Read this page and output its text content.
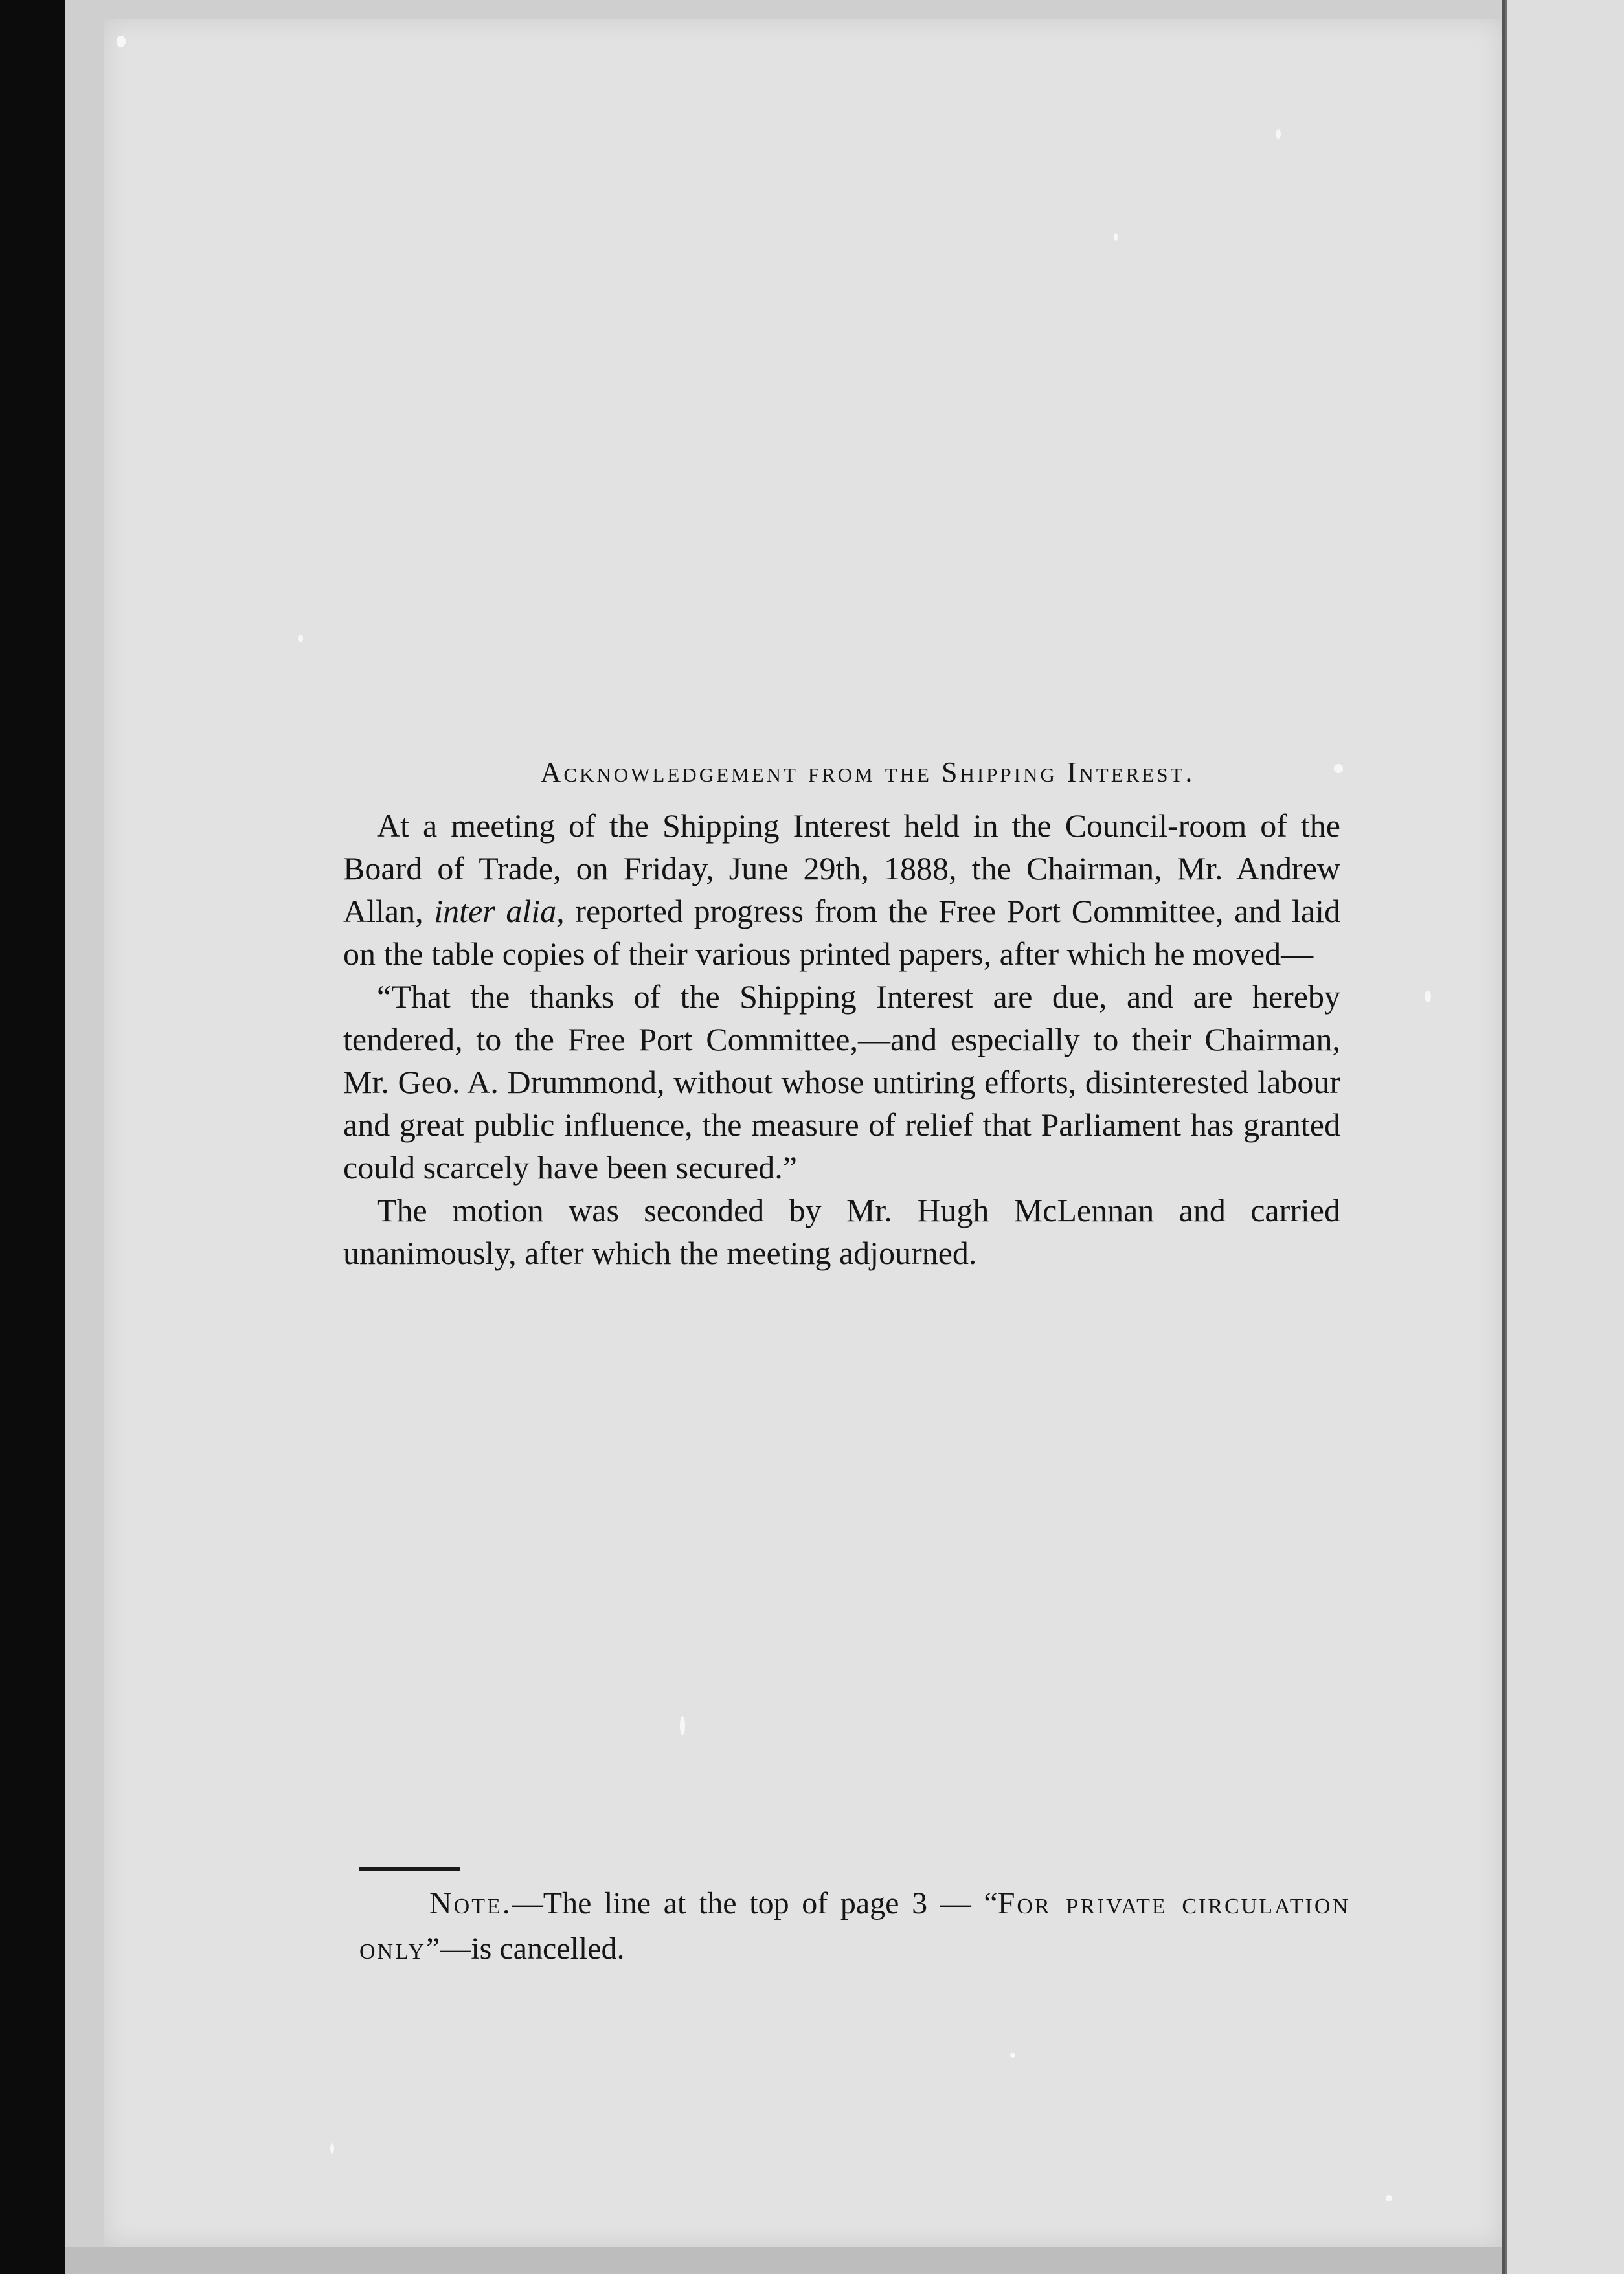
Acknowledgement from the Shipping Interest.

At a meeting of the Shipping Interest held in the Council-room of the Board of Trade, on Friday, June 29th, 1888, the Chairman, Mr. Andrew Allan, inter alia, reported progress from the Free Port Committee, and laid on the table copies of their various printed papers, after which he moved—

“That the thanks of the Shipping Interest are due, and are hereby tendered, to the Free Port Committee,—and especially to their Chairman, Mr. Geo. A. Drummond, without whose untiring efforts, disinterested labour and great public influence, the measure of relief that Parliament has granted could scarcely have been secured.”

The motion was seconded by Mr. Hugh McLennan and carried unanimously, after which the meeting adjourned.

Note.—The line at the top of page 3 — “For private circulation only”—is cancelled.
